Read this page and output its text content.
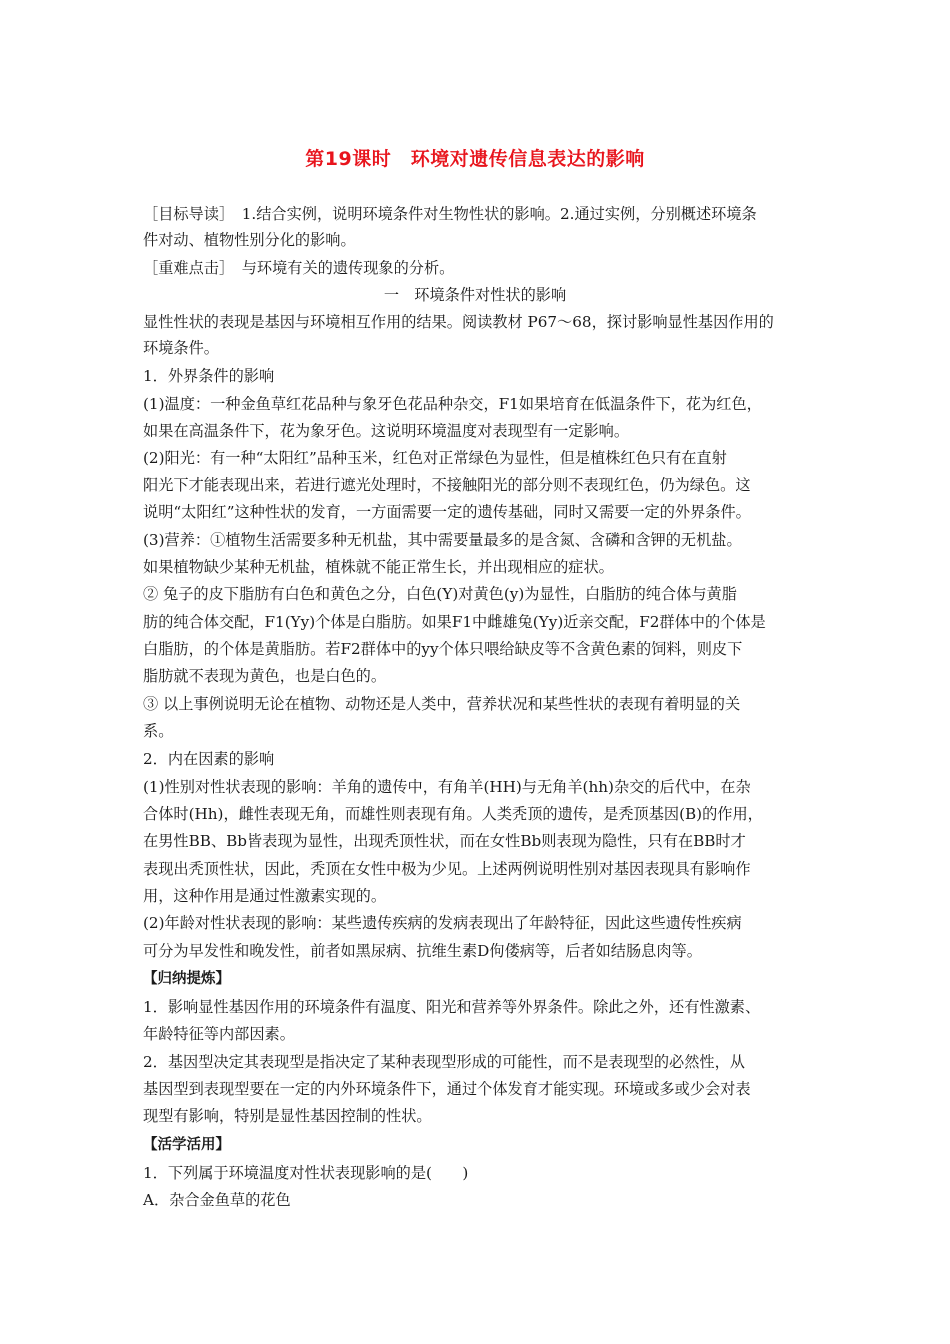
第19课时　环境对遗传信息表达的影响
［目标导读］　1.结合实例，说明环境条件对生物性状的影响。2.通过实例，分别概述环境条
件对动、植物性别分化的影响。
［重难点击］　与环境有关的遗传现象的分析。
一　环境条件对性状的影响
显性性状的表现是基因与环境相互作用的结果。阅读教材 P67～68，探讨影响显性基因作用的
环境条件。
1．外界条件的影响
(1)温度：一种金鱼草红花品种与象牙色花品种杂交，F1如果培育在低温条件下，花为红色，
如果在高温条件下，花为象牙色。这说明环境温度对表现型有一定影响。
(2)阳光：有一种“太阳红”品种玉米，红色对正常绿色为显性，但是植株红色只有在直射
阳光下才能表现出来，若进行遮光处理时，不接触阳光的部分则不表现红色，仍为绿色。这
说明“太阳红”这种性状的发育，一方面需要一定的遗传基础，同时又需要一定的外界条件。
(3)营养：①植物生活需要多种无机盐，其中需要量最多的是含氮、含磷和含钾的无机盐。
如果植物缺少某种无机盐，植株就不能正常生长，并出现相应的症状。
② 兔子的皮下脂肪有白色和黄色之分，白色(Y)对黄色(y)为显性，白脂肪的纯合体与黄脂
肪的纯合体交配，F1(Yy)个体是白脂肪。如果F1中雌雄兔(Yy)近亲交配，F2群体中的个体是
白脂肪，的个体是黄脂肪。若F2群体中的yy个体只喂给缺皮等不含黄色素的饲料，则皮下
脂肪就不表现为黄色，也是白色的。
③ 以上事例说明无论在植物、动物还是人类中，营养状况和某些性状的表现有着明显的关
系。
2．内在因素的影响
(1)性别对性状表现的影响：羊角的遗传中，有角羊(HH)与无角羊(hh)杂交的后代中，在杂
合体时(Hh)，雌性表现无角，而雄性则表现有角。人类秃顶的遗传，是秃顶基因(B)的作用，
在男性BB、Bb皆表现为显性，出现秃顶性状，而在女性Bb则表现为隐性，只有在BB时才
表现出秃顶性状，因此，秃顶在女性中极为少见。上述两例说明性别对基因表现具有影响作
用，这种作用是通过性激素实现的。
(2)年龄对性状表现的影响：某些遗传疾病的发病表现出了年龄特征，因此这些遗传性疾病
可分为早发性和晚发性，前者如黑尿病、抗维生素D佝偻病等，后者如结肠息肉等。
【归纳提炼】
1．影响显性基因作用的环境条件有温度、阳光和营养等外界条件。除此之外，还有性激素、
年龄特征等内部因素。
2．基因型决定其表现型是指决定了某种表现型形成的可能性，而不是表现型的必然性，从
基因型到表现型要在一定的内外环境条件下，通过个体发育才能实现。环境或多或少会对表
现型有影响，特别是显性基因控制的性状。
【活学活用】
1．下列属于环境温度对性状表现影响的是(　　)
A．杂合金鱼草的花色
